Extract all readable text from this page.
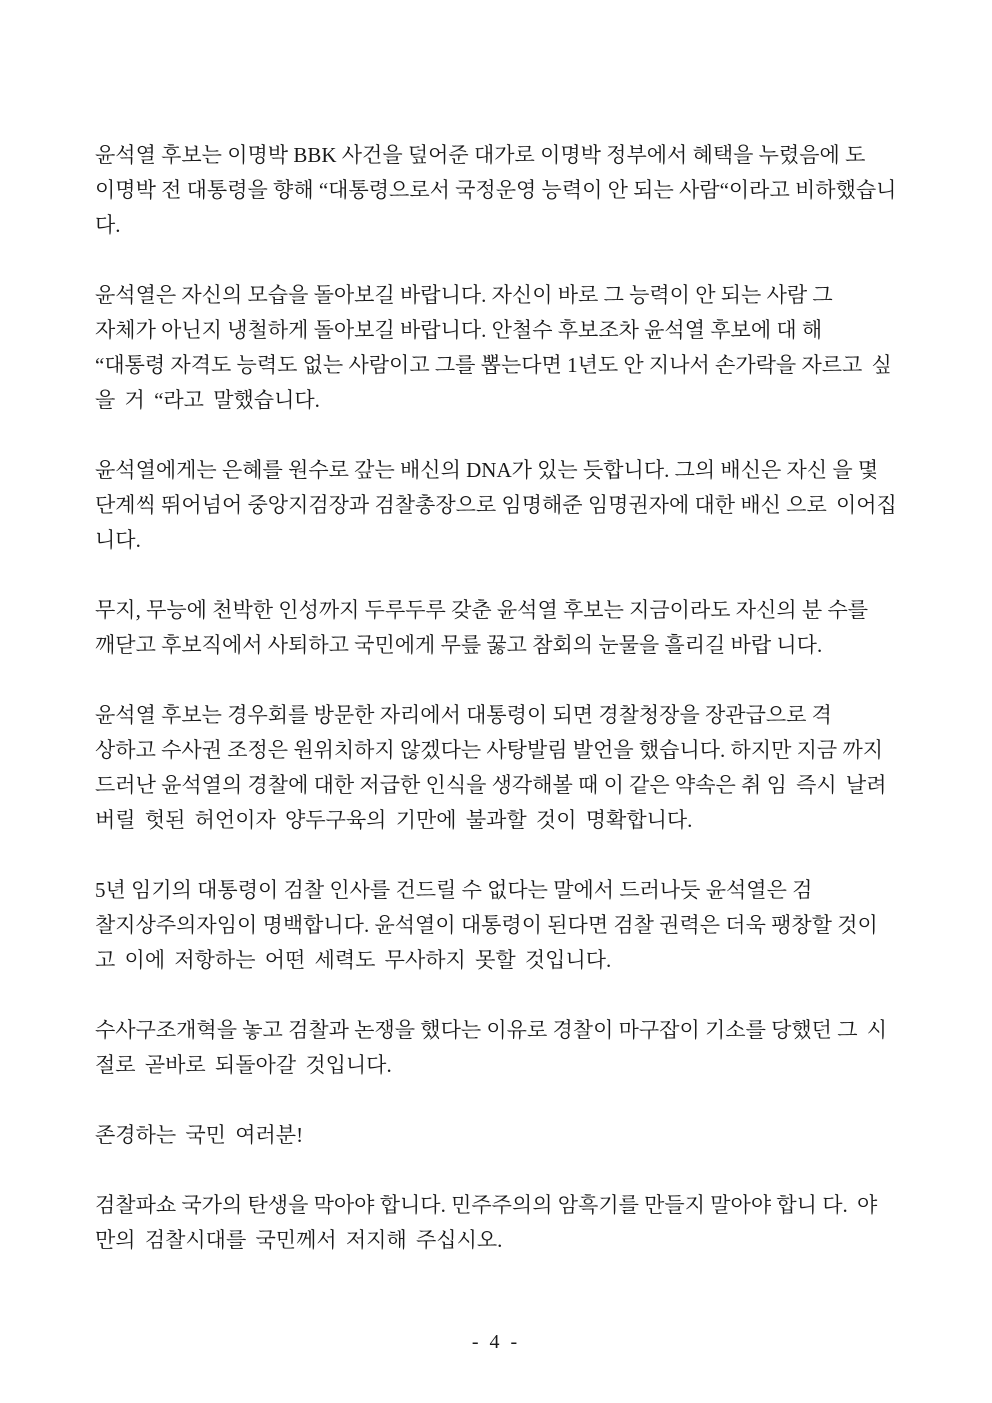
윤석열 후보는 이명박 BBK 사건을 덮어준 대가로 이명박 정부에서 혜택을 누렸음에 도 이명박 전 대통령을 향해 “대통령으로서 국정운영 능력이 안 되는 사람“이라고 비하했습니다.

윤석열은 자신의 모습을 돌아보길 바랍니다. 자신이 바로 그 능력이 안 되는 사람 그 자체가 아닌지 냉철하게 돌아보길 바랍니다. 안철수 후보조차 윤석열 후보에 대 해 “대통령 자격도 능력도 없는 사람이고 그를 뽑는다면 1년도 안 지나서 손가락을 자르고 싶을 거 “라고 말했습니다.

윤석열에게는 은혜를 원수로 갚는 배신의 DNA가 있는 듯합니다. 그의 배신은 자신 을 몇 단계씩 뛰어넘어 중앙지검장과 검찰총장으로 임명해준 임명권자에 대한 배신 으로 이어집니다.

무지, 무능에 천박한 인성까지 두루두루 갖춘 윤석열 후보는 지금이라도 자신의 분 수를 깨닫고 후보직에서 사퇴하고 국민에게 무릎 꿇고 참회의 눈물을 흘리길 바랍 니다.

윤석열 후보는 경우회를 방문한 자리에서 대통령이 되면 경찰청장을 장관급으로 격 상하고 수사권 조정은 원위치하지 않겠다는 사탕발림 발언을 했습니다. 하지만 지금 까지 드러난 윤석열의 경찰에 대한 저급한 인식을 생각해볼 때 이 같은 약속은 취 임 즉시 날려버릴 헛된 허언이자 양두구육의 기만에 불과할 것이 명확합니다.

5년 임기의 대통령이 검찰 인사를 건드릴 수 없다는 말에서 드러나듯 윤석열은 검 찰지상주의자임이 명백합니다. 윤석열이 대통령이 된다면 검찰 권력은 더욱 팽창할 것이고 이에 저항하는 어떤 세력도 무사하지 못할 것입니다.

수사구조개혁을 놓고 검찰과 논쟁을 했다는 이유로 경찰이 마구잡이 기소를 당했던 그 시절로 곧바로 되돌아갈 것입니다.

존경하는 국민 여러분!

검찰파쇼 국가의 탄생을 막아야 합니다. 민주주의의 암흑기를 만들지 말아야 합니 다. 야만의 검찰시대를 국민께서 저지해 주십시오.

- 4 -
